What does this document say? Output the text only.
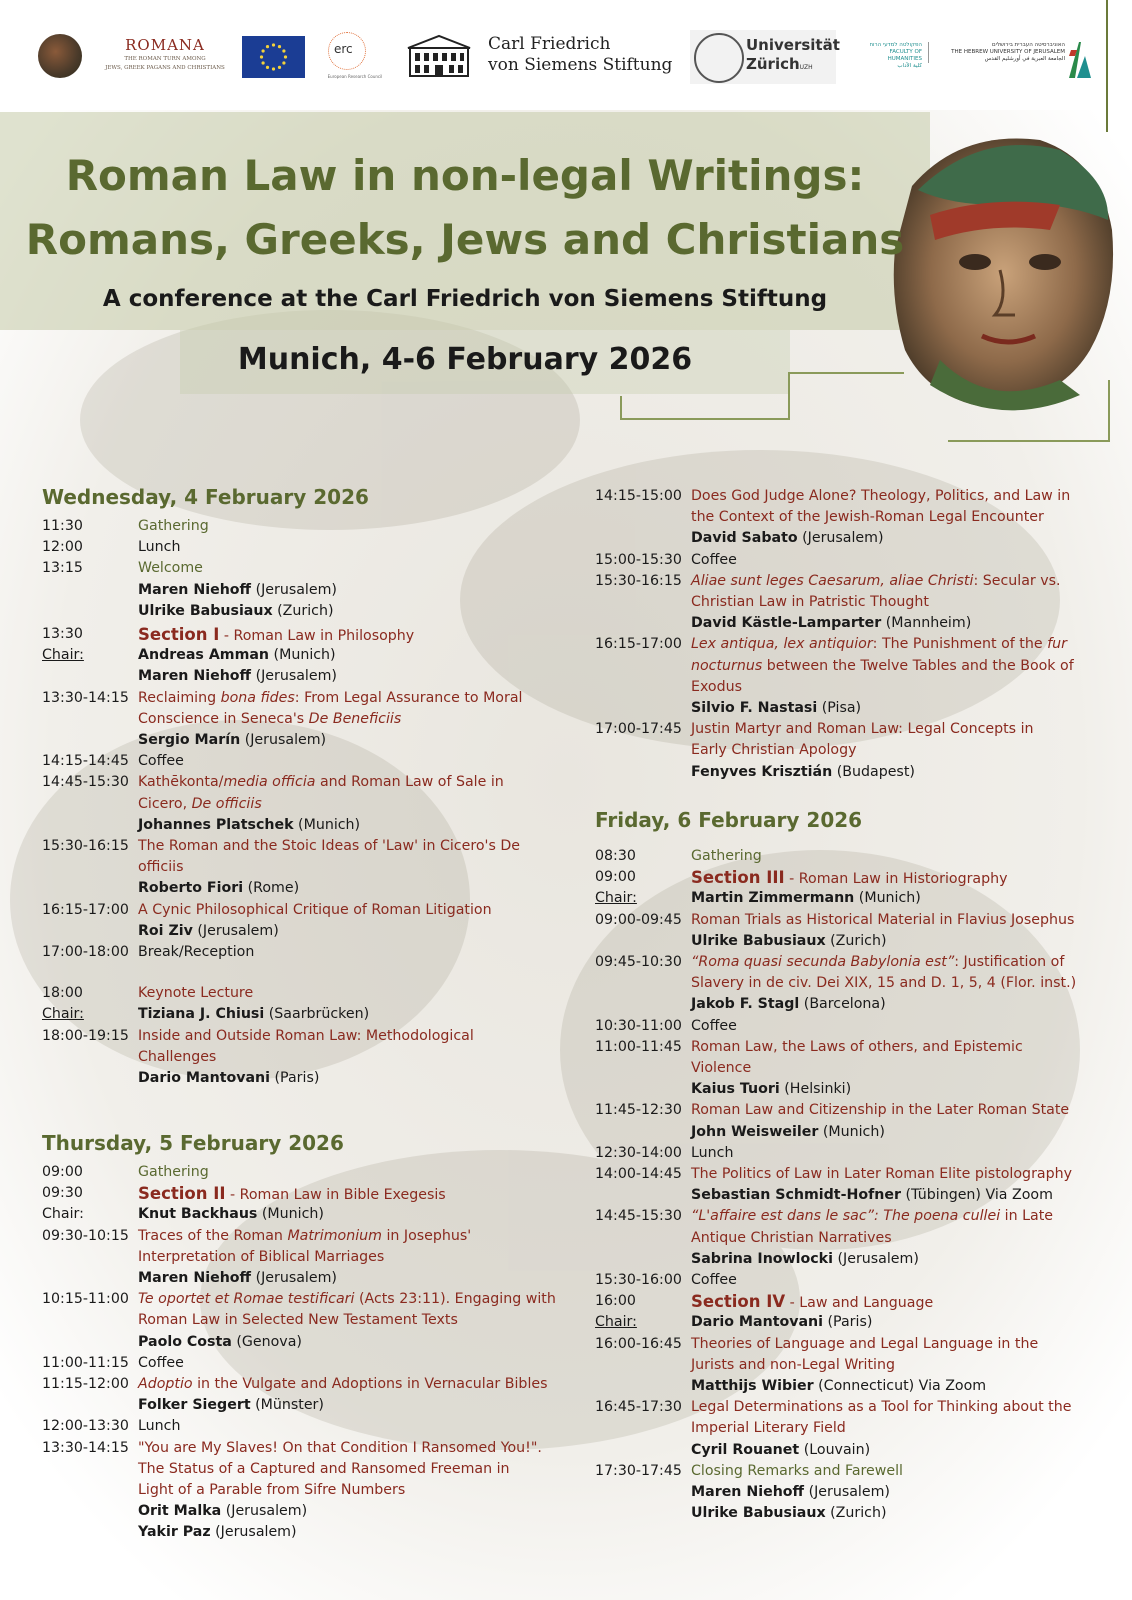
ROMANA
THE ROMAN TURN AMONG
JEWS, GREEK PAGANS AND CHRISTIANS
erc
European Research Council
Carl Friedrich
von Siemens Stiftung
Universität
ZürichUZH
הפקולטה למדעי הרוח
FACULTY OF HUMANITIES
كلية الآداب
האוניברסיטה העברית בירושלים
THE HEBREW UNIVERSITY OF JERUSALEM
الجامعة العبرية في أورشليم القدس
Roman Law in non-legal Writings:
Romans, Greeks, Jews and Christians
A conference at the Carl Friedrich von Siemens Stiftung
Munich, 4-6 February 2026
Wednesday, 4 February 2026
11:30	Gathering
12:00	Lunch
13:15	Welcome
Maren Niehoff (Jerusalem)
Ulrike Babusiaux (Zurich)
13:30	Section I - Roman Law in Philosophy
Chair:	Andreas Amman (Munich)
Maren Niehoff (Jerusalem)
13:30-14:15 Reclaiming bona fides: From Legal Assurance to Moral
Conscience in Seneca's De Beneficiis
Sergio Marín (Jerusalem)
14:15-14:45 Coffee
14:45-15:30 Kathēkonta/media officia and Roman Law of Sale in
Cicero, De officiis
Johannes Platschek (Munich)
15:30-16:15 The Roman and the Stoic Ideas of 'Law' in Cicero's De
officiis
Roberto Fiori (Rome)
16:15-17:00 A Cynic Philosophical Critique of Roman Litigation
Roi Ziv (Jerusalem)
17:00-18:00 Break/Reception
18:00	Keynote Lecture
Chair:	Tiziana J. Chiusi (Saarbrücken)
18:00-19:15 Inside and Outside Roman Law: Methodological
Challenges
Dario Mantovani (Paris)
Thursday, 5 February 2026
09:00	Gathering
09:30	Section II - Roman Law in Bible Exegesis
Chair:	Knut Backhaus (Munich)
09:30-10:15 Traces of the Roman Matrimonium in Josephus'
Interpretation of Biblical Marriages
Maren Niehoff (Jerusalem)
10:15-11:00 Te oportet et Romae testificari (Acts 23:11). Engaging with
Roman Law in Selected New Testament Texts
Paolo Costa (Genova)
11:00-11:15 Coffee
11:15-12:00 Adoptio in the Vulgate and Adoptions in Vernacular Bibles
Folker Siegert (Münster)
12:00-13:30 Lunch
13:30-14:15 "You are My Slaves! On that Condition I Ransomed You!".
The Status of a Captured and Ransomed Freeman in
Light of a Parable from Sifre Numbers
Orit Malka (Jerusalem)
Yakir Paz (Jerusalem)
14:15-15:00 Does God Judge Alone? Theology, Politics, and Law in
the Context of the Jewish-Roman Legal Encounter
David Sabato (Jerusalem)
15:00-15:30 Coffee
15:30-16:15 Aliae sunt leges Caesarum, aliae Christi: Secular vs.
Christian Law in Patristic Thought
David Kästle-Lamparter (Mannheim)
16:15-17:00 Lex antiqua, lex antiquior: The Punishment of the fur
nocturnus between the Twelve Tables and the Book of
Exodus
Silvio F. Nastasi (Pisa)
17:00-17:45 Justin Martyr and Roman Law: Legal Concepts in
Early Christian Apology
Fenyves Krisztián (Budapest)
Friday, 6 February 2026
08:30	Gathering
09:00	Section III - Roman Law in Historiography
Chair:	Martin Zimmermann (Munich)
09:00-09:45 Roman Trials as Historical Material in Flavius Josephus
Ulrike Babusiaux (Zurich)
09:45-10:30 “Roma quasi secunda Babylonia est”: Justification of
Slavery in de civ. Dei XIX, 15 and D. 1, 5, 4 (Flor. inst.)
Jakob F. Stagl (Barcelona)
10:30-11:00 Coffee
11:00-11:45 Roman Law, the Laws of others, and Epistemic
Violence
Kaius Tuori (Helsinki)
11:45-12:30 Roman Law and Citizenship in the Later Roman State
John Weisweiler (Munich)
12:30-14:00 Lunch
14:00-14:45 The Politics of Law in Later Roman Elite pistolography
Sebastian Schmidt-Hofner (Tübingen) Via Zoom
14:45-15:30 “L'affaire est dans le sac”: The poena cullei in Late
Antique Christian Narratives
Sabrina Inowlocki (Jerusalem)
15:30-16:00 Coffee
16:00	Section IV - Law and Language
Chair:	Dario Mantovani (Paris)
16:00-16:45 Theories of Language and Legal Language in the
Jurists and non-Legal Writing
Matthijs Wibier (Connecticut) Via Zoom
16:45-17:30 Legal Determinations as a Tool for Thinking about the
Imperial Literary Field
Cyril Rouanet (Louvain)
17:30-17:45 Closing Remarks and Farewell
Maren Niehoff (Jerusalem)
Ulrike Babusiaux (Zurich)
